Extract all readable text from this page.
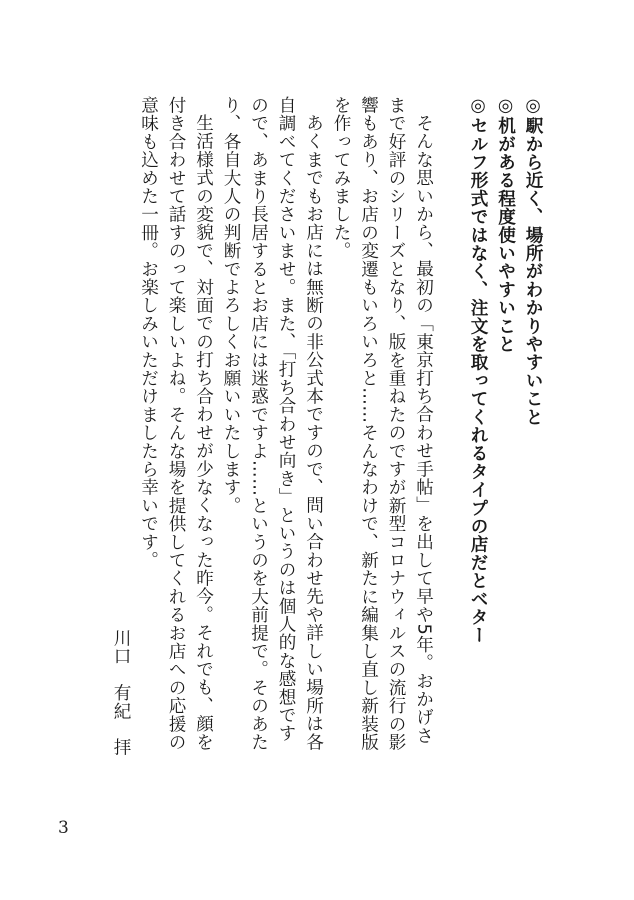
◎駅から近く、場所がわかりやすいこと

◎机がある程度使いやすいこと

◎セルフ形式ではなく、注文を取ってくれるタイプの店だとベター

そんな思いから、最初の「東京打ち合わせ手帖」を出して早や5年。おかげさまで好評のシリーズとなり、版を重ねたのですが新型コロナウィルスの流行の影響もあり、お店の変遷もいろいろと……そんなわけで、新たに編集し直し新装版を作ってみました。

あくまでもお店には無断の非公式本ですので、問い合わせ先や詳しい場所は各自調べてくださいませ。また、「打ち合わせ向き」というのは個人的な感想ですので、あまり長居するとお店には迷惑ですよ……というのを大前提で。そのあたり、各自大人の判断でよろしくお願いいたします。

生活様式の変貌で、対面での打ち合わせが少なくなった昨今。それでも、顔を付き合わせて話すのって楽しいよね。そんな場を提供してくれるお店への応援の意味も込めた一冊。お楽しみいただけましたら幸いです。

川口　有紀　拝

3
